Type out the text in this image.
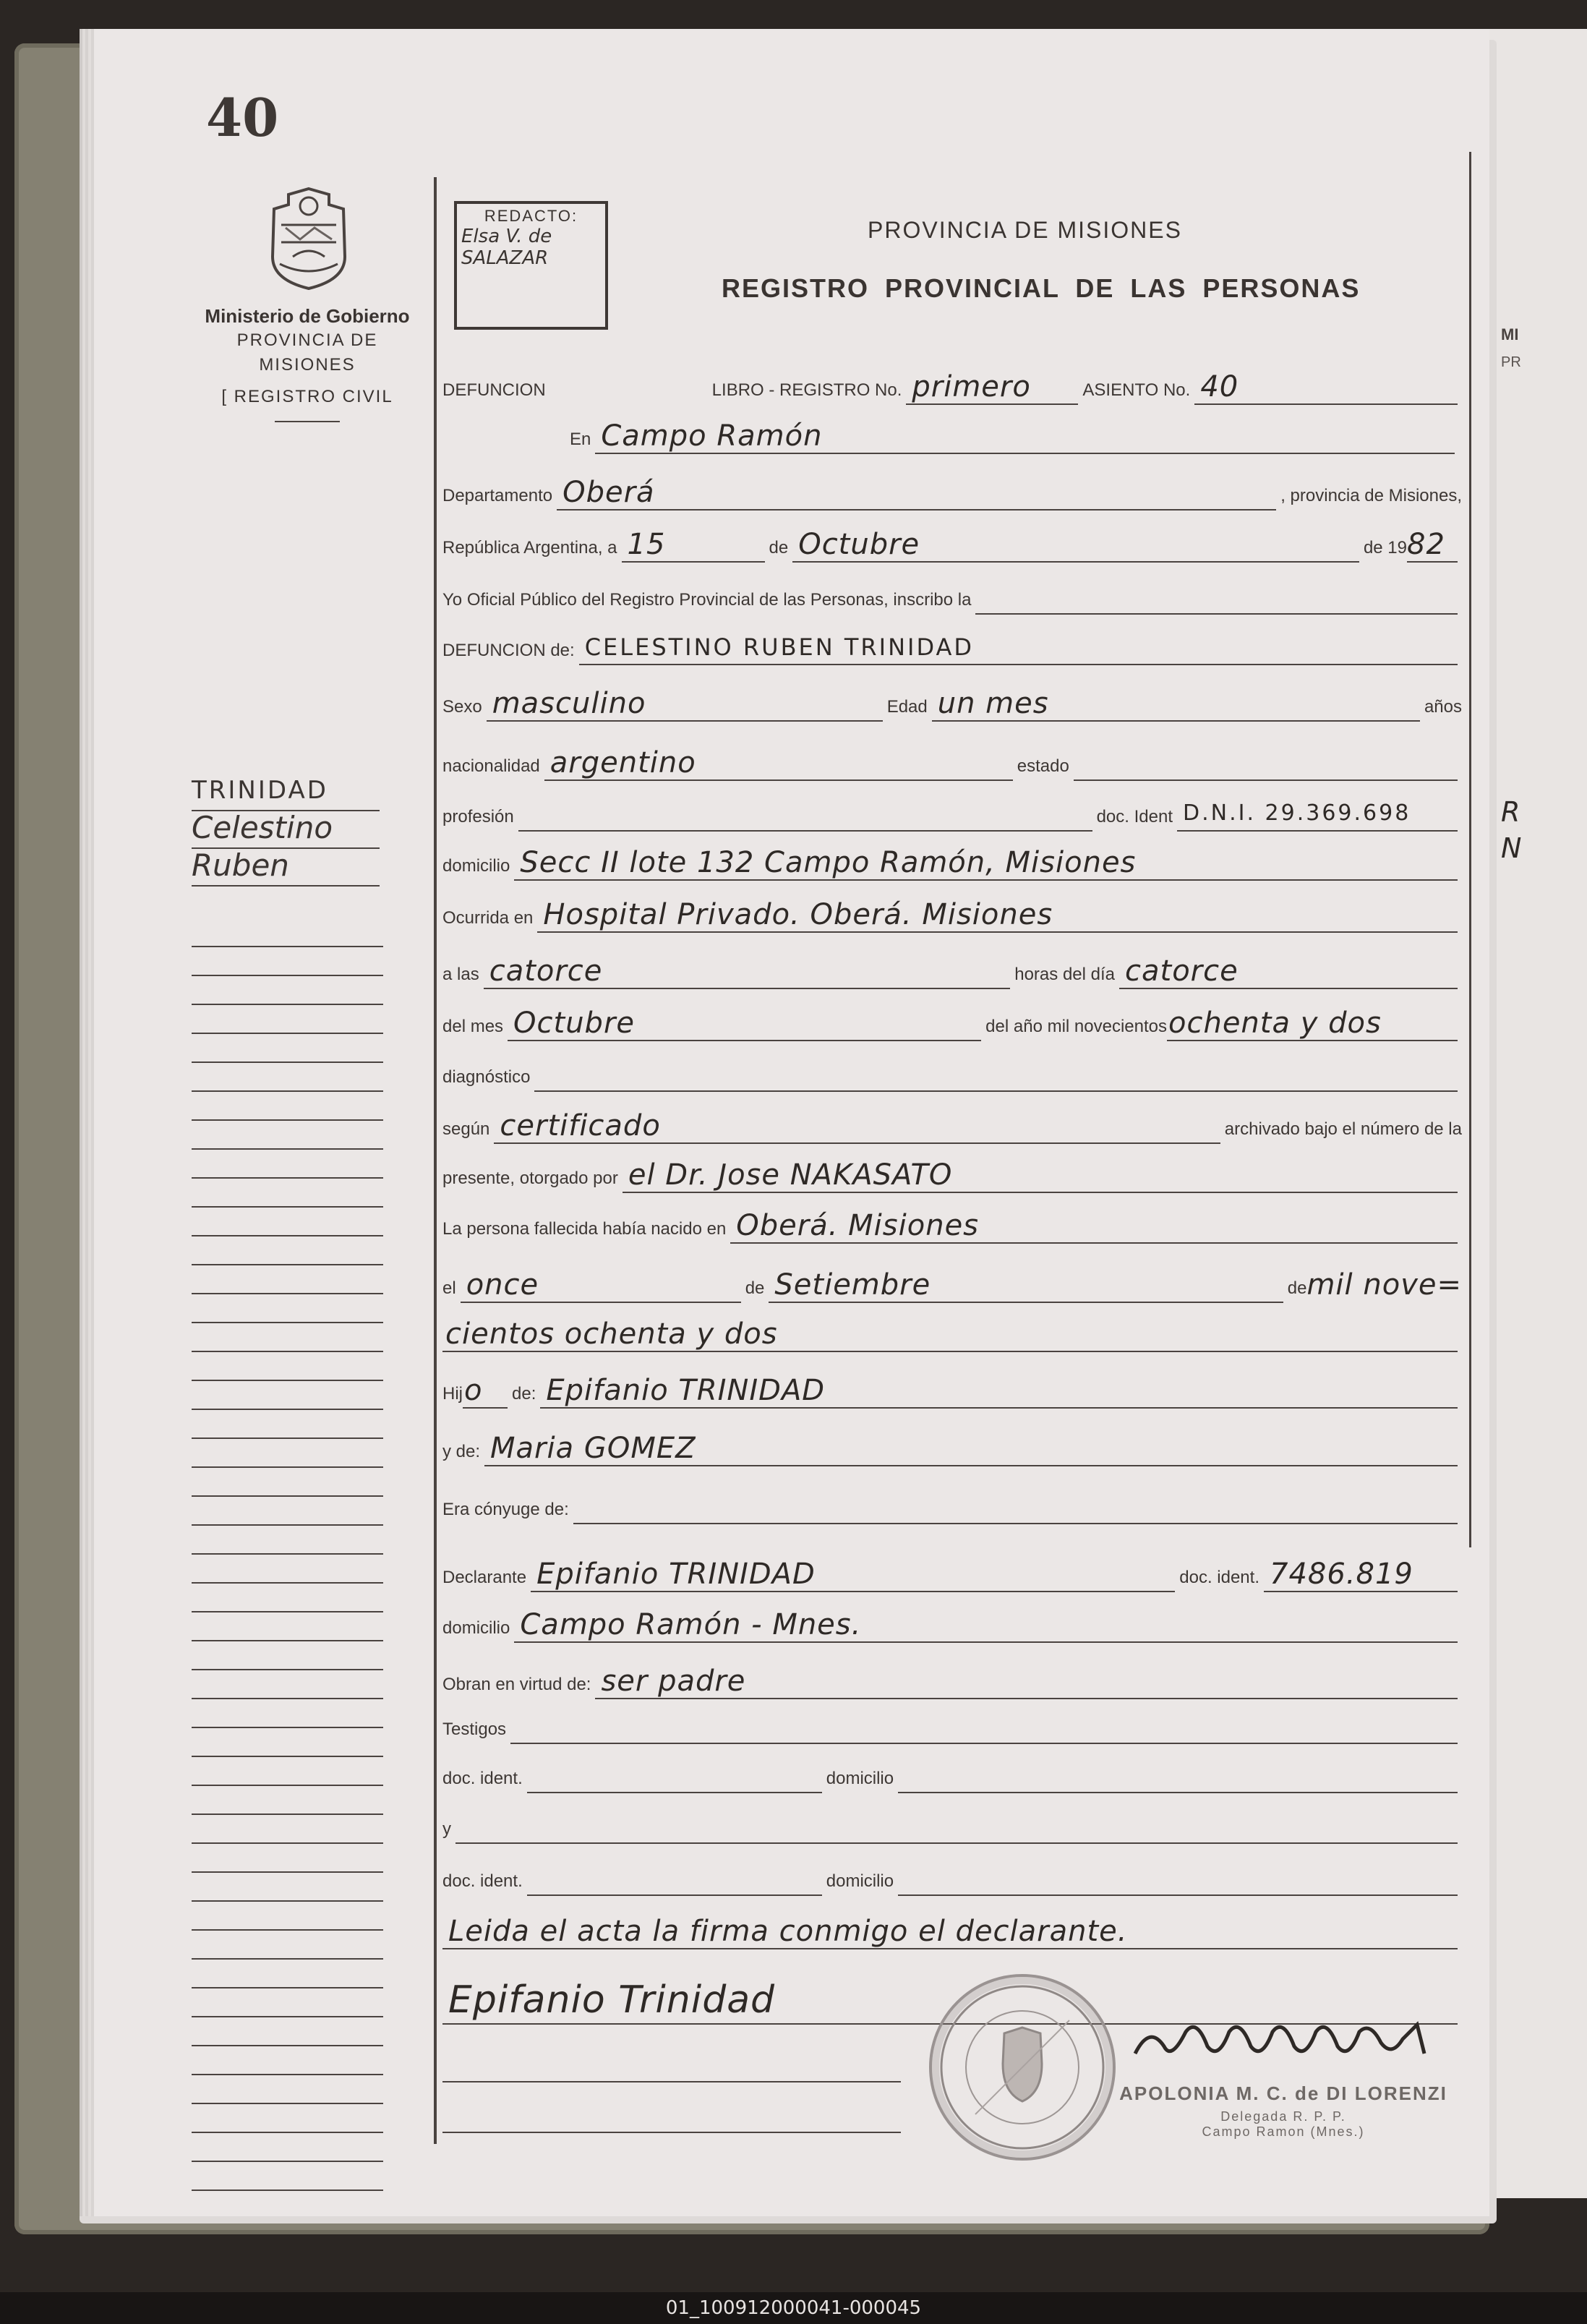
MI
PR
R
N
40
Ministerio de Gobierno
PROVINCIA DE MISIONES
[ REGISTRO CIVIL
TRINIDAD
Celestino
Ruben
REDACTO:
Elsa V. de
SALAZAR
PROVINCIA DE MISIONES
REGISTRO PROVINCIAL DE LAS PERSONAS
DEFUNCION	LIBRO - REGISTRO No. primero	ASIENTO No. 40
En Campo Ramón
Departamento Oberá	, provincia de Misiones,
República Argentina, a 15	de Octubre	de 19 82
Yo Oficial Público del Registro Provincial de las Personas, inscribo la
DEFUNCION de: CELESTINO RUBEN TRINIDAD
Sexo masculino	Edad un mes	años
nacionalidad argentino	estado
profesión	doc. Ident D.N.I. 29.369.698
domicilio Secc II lote 132 Campo Ramón, Misiones
Ocurrida en Hospital Privado. Oberá. Misiones
a las catorce	horas del día catorce
del mes Octubre	del año mil novecientos ochenta y dos
diagnóstico
según certificado	archivado bajo el número de la
presente, otorgado por el Dr. Jose NAKASATO
La persona fallecida había nacido en Oberá. Misiones
el once	de Setiembre	de mil nove=
cientos ochenta y dos
Hij o de: Epifanio TRINIDAD
y de: Maria GOMEZ
Era cónyuge de:
Declarante Epifanio TRINIDAD	doc. ident. 7486.819
domicilio Campo Ramón - Mnes.
Obran en virtud de: ser padre
Testigos
doc. ident.	domicilio
y
doc. ident.	domicilio
Leida el acta la firma conmigo el declarante.
Epifanio Trinidad
APOLONIA M. C. de DI LORENZI
Delegada R. P. P.
Campo Ramon (Mnes.)
01_100912000041-000045
